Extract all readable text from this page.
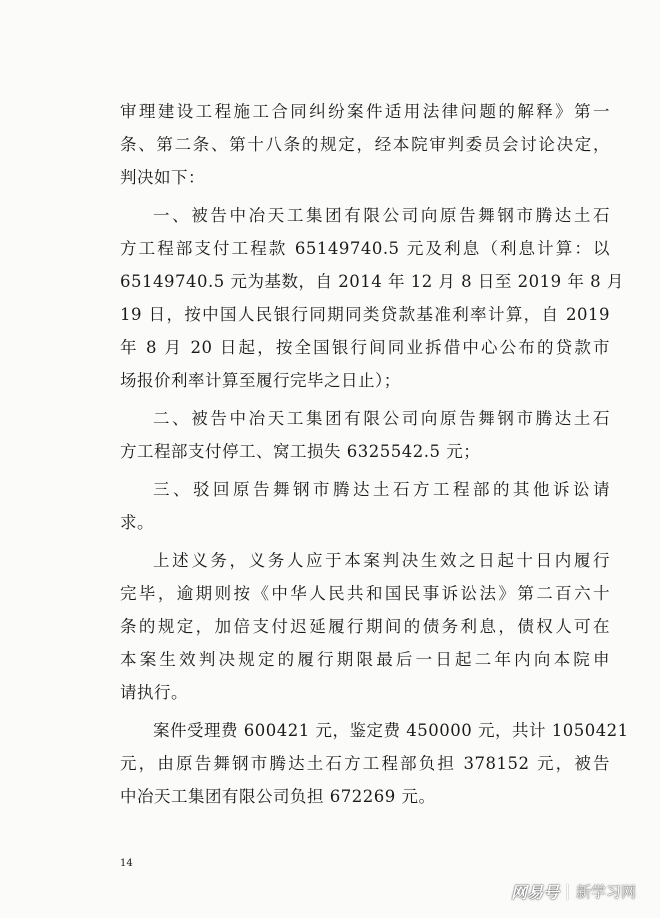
审理建设工程施工合同纠纷案件适用法律问题的解释》第一
条、第二条、第十八条的规定，经本院审判委员会讨论决定，
判决如下：
一、被告中冶天工集团有限公司向原告舞钢市腾达土石
方工程部支付工程款 65149740.5 元及利息（利息计算：以
65149740.5 元为基数，自 2014 年 12 月 8 日至 2019 年 8 月
19 日，按中国人民银行同期同类贷款基准利率计算，自 2019
年 8 月 20 日起，按全国银行间同业拆借中心公布的贷款市
场报价利率计算至履行完毕之日止）；
二、被告中冶天工集团有限公司向原告舞钢市腾达土石
方工程部支付停工、窝工损失 6325542.5 元；
三、驳回原告舞钢市腾达土石方工程部的其他诉讼请
求。
上述义务，义务人应于本案判决生效之日起十日内履行
完毕，逾期则按《中华人民共和国民事诉讼法》第二百六十
条的规定，加倍支付迟延履行期间的债务利息，债权人可在
本案生效判决规定的履行期限最后一日起二年内向本院申
请执行。
案件受理费 600421 元，鉴定费 450000 元，共计 1050421
元，由原告舞钢市腾达土石方工程部负担 378152 元，被告
中冶天工集团有限公司负担 672269 元。
14
网易号 新学习网
